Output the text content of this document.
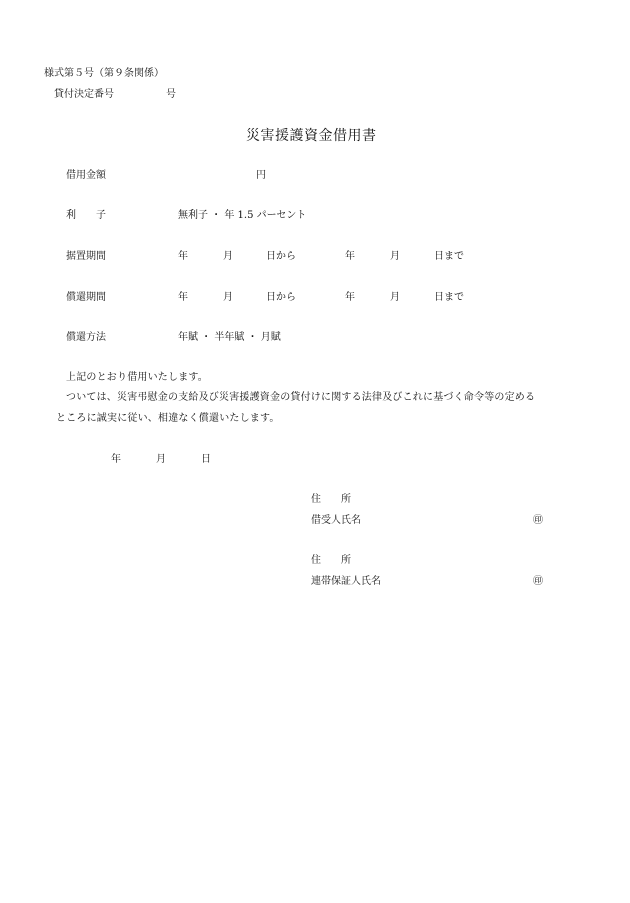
様式第５号（第９条関係）
貸付決定番号	号
災害援護資金借用書
借用金額	円
利　　子	無利子 ・ 年 1.5 パーセント
据置期間	年	月	日から	年	月	日まで
償還期間	年	月	日から	年	月	日まで
償還方法	年賦 ・ 半年賦 ・ 月賦
上記のとおり借用いたします。
ついては、災害弔慰金の支給及び災害援護資金の貸付けに関する法律及びこれに基づく命令等の定める
ところに誠実に従い、相違なく償還いたします。
年	月	日
住　　所
借受人氏名	㊞
住　　所
連帯保証人氏名	㊞
